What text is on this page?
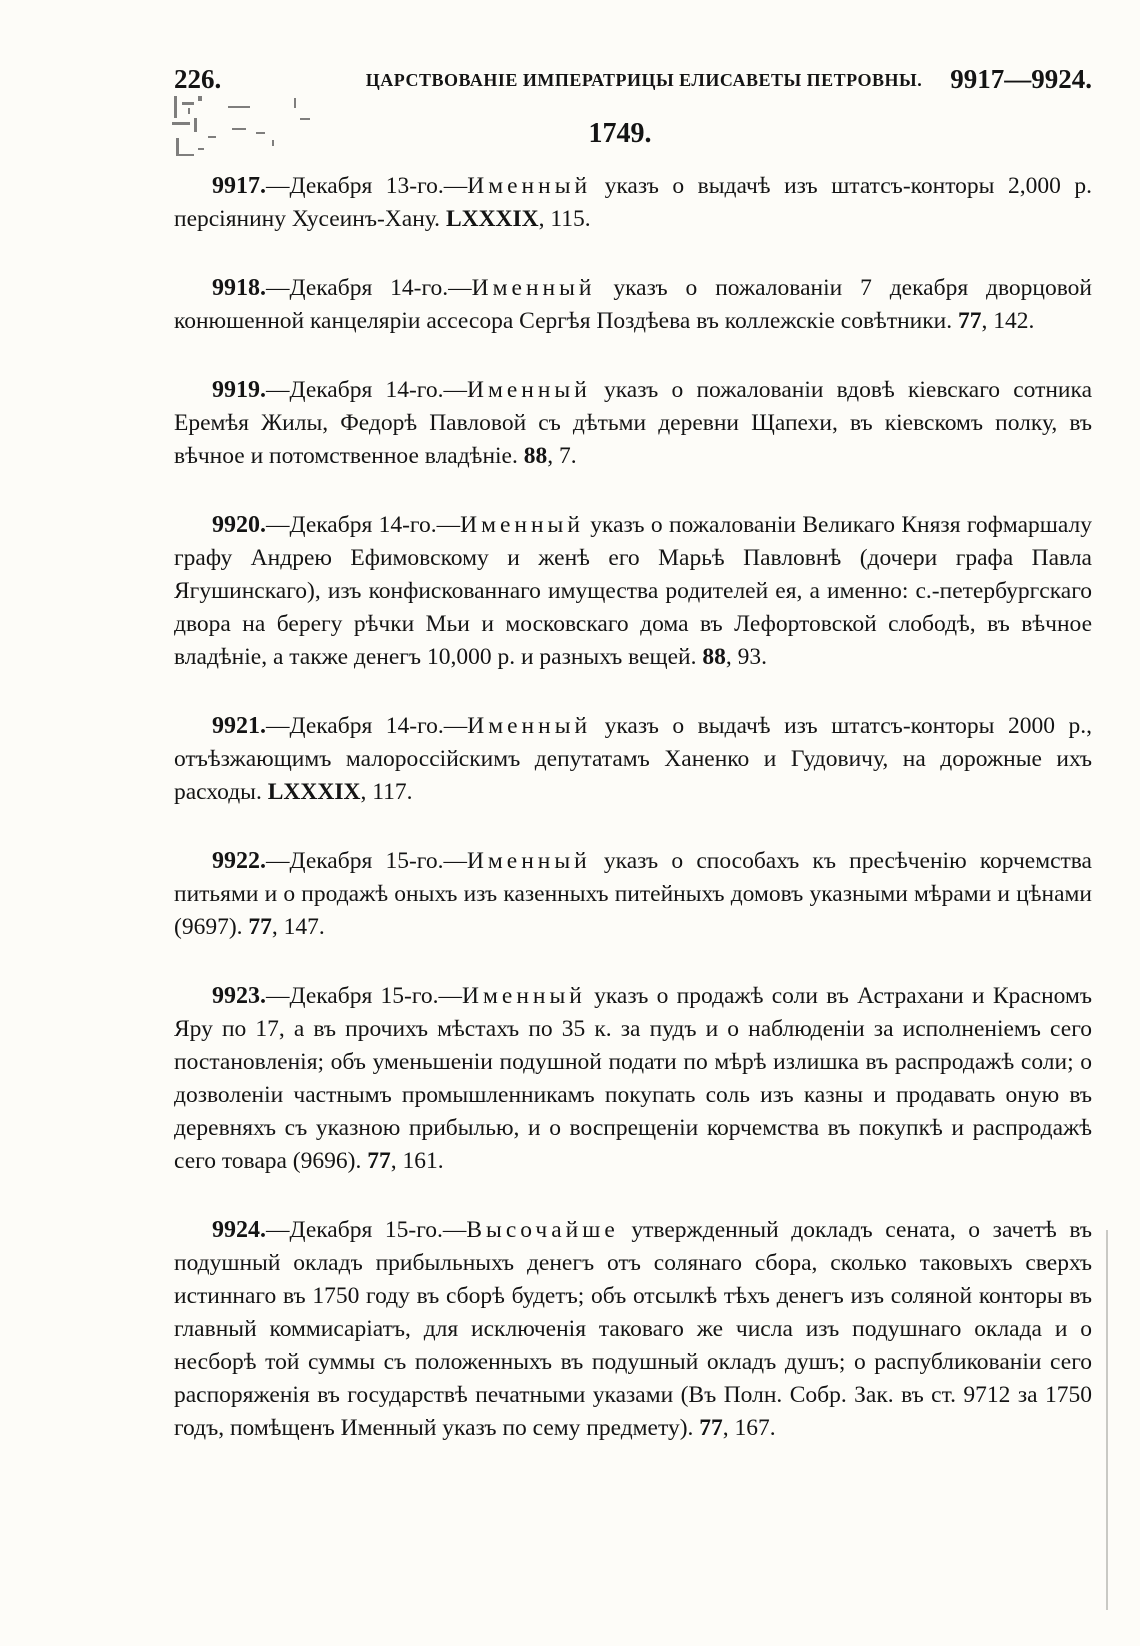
226.	ЦАРСТВОВАНІЕ ИМПЕРАТРИЦЫ ЕЛИСАВЕТЫ ПЕТРОВНЫ.	9917—9924.
1749.

9917.—Декабря 13-го.—Именный указъ о выдачѣ изъ штатсъ-конторы 2,000 р. персіянину Хусеинъ-Хану. LXXXIX, 115.

9918.—Декабря 14-го.—Именный указъ о пожалованіи 7 декабря дворцовой конюшенной канцеляріи ассесора Сергѣя Поздѣева въ коллежскіе совѣтники. 77, 142.

9919.—Декабря 14-го.—Именный указъ о пожалованіи вдовѣ кіевскаго сотника Еремѣя Жилы, Федорѣ Павловой съ дѣтьми деревни Щапехи, въ кіевскомъ полку, въ вѣчное и потомственное владѣніе. 88, 7.

9920.—Декабря 14-го.—Именный указъ о пожалованіи Великаго Князя гофмаршалу графу Андрею Ефимовскому и женѣ его Марьѣ Павловнѣ (дочери графа Павла Ягушинскаго), изъ конфискованнаго имущества родителей ея, а именно: с.-петербургскаго двора на берегу рѣчки Мьи и московскаго дома въ Лефортовской слободѣ, въ вѣчное владѣніе, а также денегъ 10,000 р. и разныхъ вещей. 88, 93.

9921.—Декабря 14-го.—Именный указъ о выдачѣ изъ штатсъ-конторы 2000 р., отъѣзжающимъ малороссійскимъ депутатамъ Ханенко и Гудовичу, на дорожные ихъ расходы. LXXXIX, 117.

9922.—Декабря 15-го.—Именный указъ о способахъ къ пресѣченію корчемства питьями и о продажѣ оныхъ изъ казенныхъ питейныхъ домовъ указными мѣрами и цѣнами (9697). 77, 147.

9923.—Декабря 15-го.—Именный указъ о продажѣ соли въ Астрахани и Красномъ Яру по 17, а въ прочихъ мѣстахъ по 35 к. за пудъ и о наблюденіи за исполненіемъ сего постановленія; объ уменьшеніи подушной подати по мѣрѣ излишка въ распродажѣ соли; о дозволеніи частнымъ промышленникамъ покупать соль изъ казны и продавать оную въ деревняхъ съ указною прибылью, и о воспрещеніи корчемства въ покупкѣ и распродажѣ сего товара (9696). 77, 161.

9924.—Декабря 15-го.—Высочайше утвержденный докладъ сената, о зачетѣ въ подушный окладъ прибыльныхъ денегъ отъ солянаго сбора, сколько таковыхъ сверхъ истиннаго въ 1750 году въ сборѣ будетъ; объ отсылкѣ тѣхъ денегъ изъ соляной конторы въ главный коммисаріатъ, для исключенія таковаго же числа изъ подушнаго оклада и о несборѣ той суммы съ положенныхъ въ подушный окладъ душъ; о распубликованіи сего распоряженія въ государствѣ печатными указами (Въ Полн. Собр. Зак. въ ст. 9712 за 1750 годъ, помѣщенъ Именный указъ по сему предмету). 77, 167.
